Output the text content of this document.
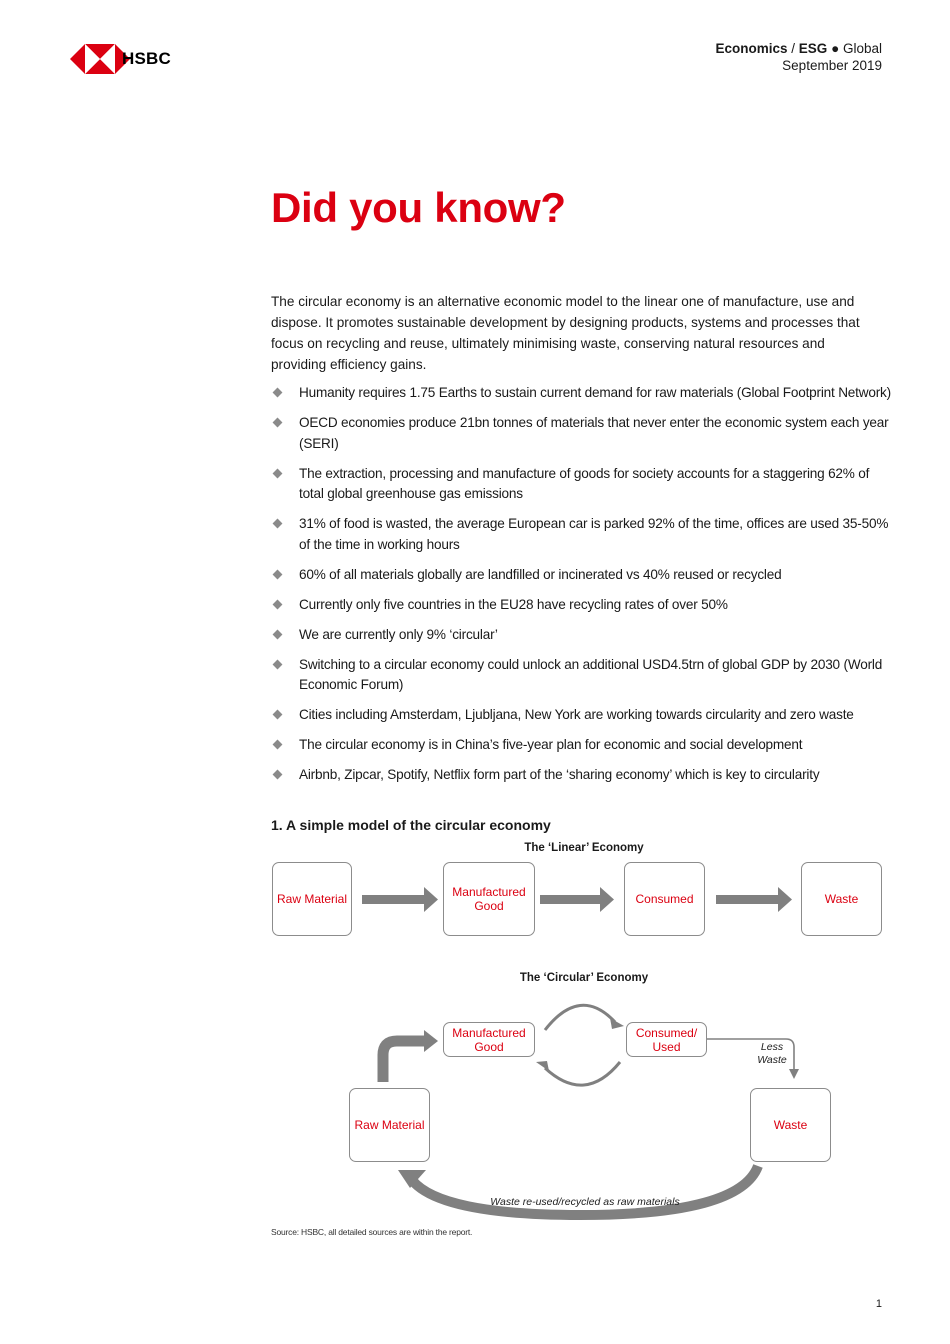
HSBC
Economics / ESG ● Global
September 2019
Did you know?
The circular economy is an alternative economic model to the linear one of manufacture, use and dispose. It promotes sustainable development by designing products, systems and processes that focus on recycling and reuse, ultimately minimising waste, conserving natural resources and providing efficiency gains.
Humanity requires 1.75 Earths to sustain current demand for raw materials (Global Footprint Network)
OECD economies produce 21bn tonnes of materials that never enter the economic system each year (SERI)
The extraction, processing and manufacture of goods for society accounts for a staggering 62% of total global greenhouse gas emissions
31% of food is wasted, the average European car is parked 92% of the time, offices are used 35-50% of the time in working hours
60% of all materials globally are landfilled or incinerated vs 40% reused or recycled
Currently only five countries in the EU28 have recycling rates of over 50%
We are currently only 9% ‘circular’
Switching to a circular economy could unlock an additional USD4.5trn of global GDP by 2030 (World Economic Forum)
Cities including Amsterdam, Ljubljana, New York are working towards circularity and zero waste
The circular economy is in China’s five-year plan for economic and social development
Airbnb, Zipcar, Spotify, Netflix form part of the ‘sharing economy’ which is key to circularity
1. A simple model of the circular economy
The ‘Linear’ Economy
Raw Material	Manufactured Good	Consumed	Waste
The ‘Circular’ Economy
Manufactured Good
Consumed/ Used	Less Waste
Raw Material	Waste
Waste re-used/recycled as raw materials
Source: HSBC, all detailed sources are within the report.
1
